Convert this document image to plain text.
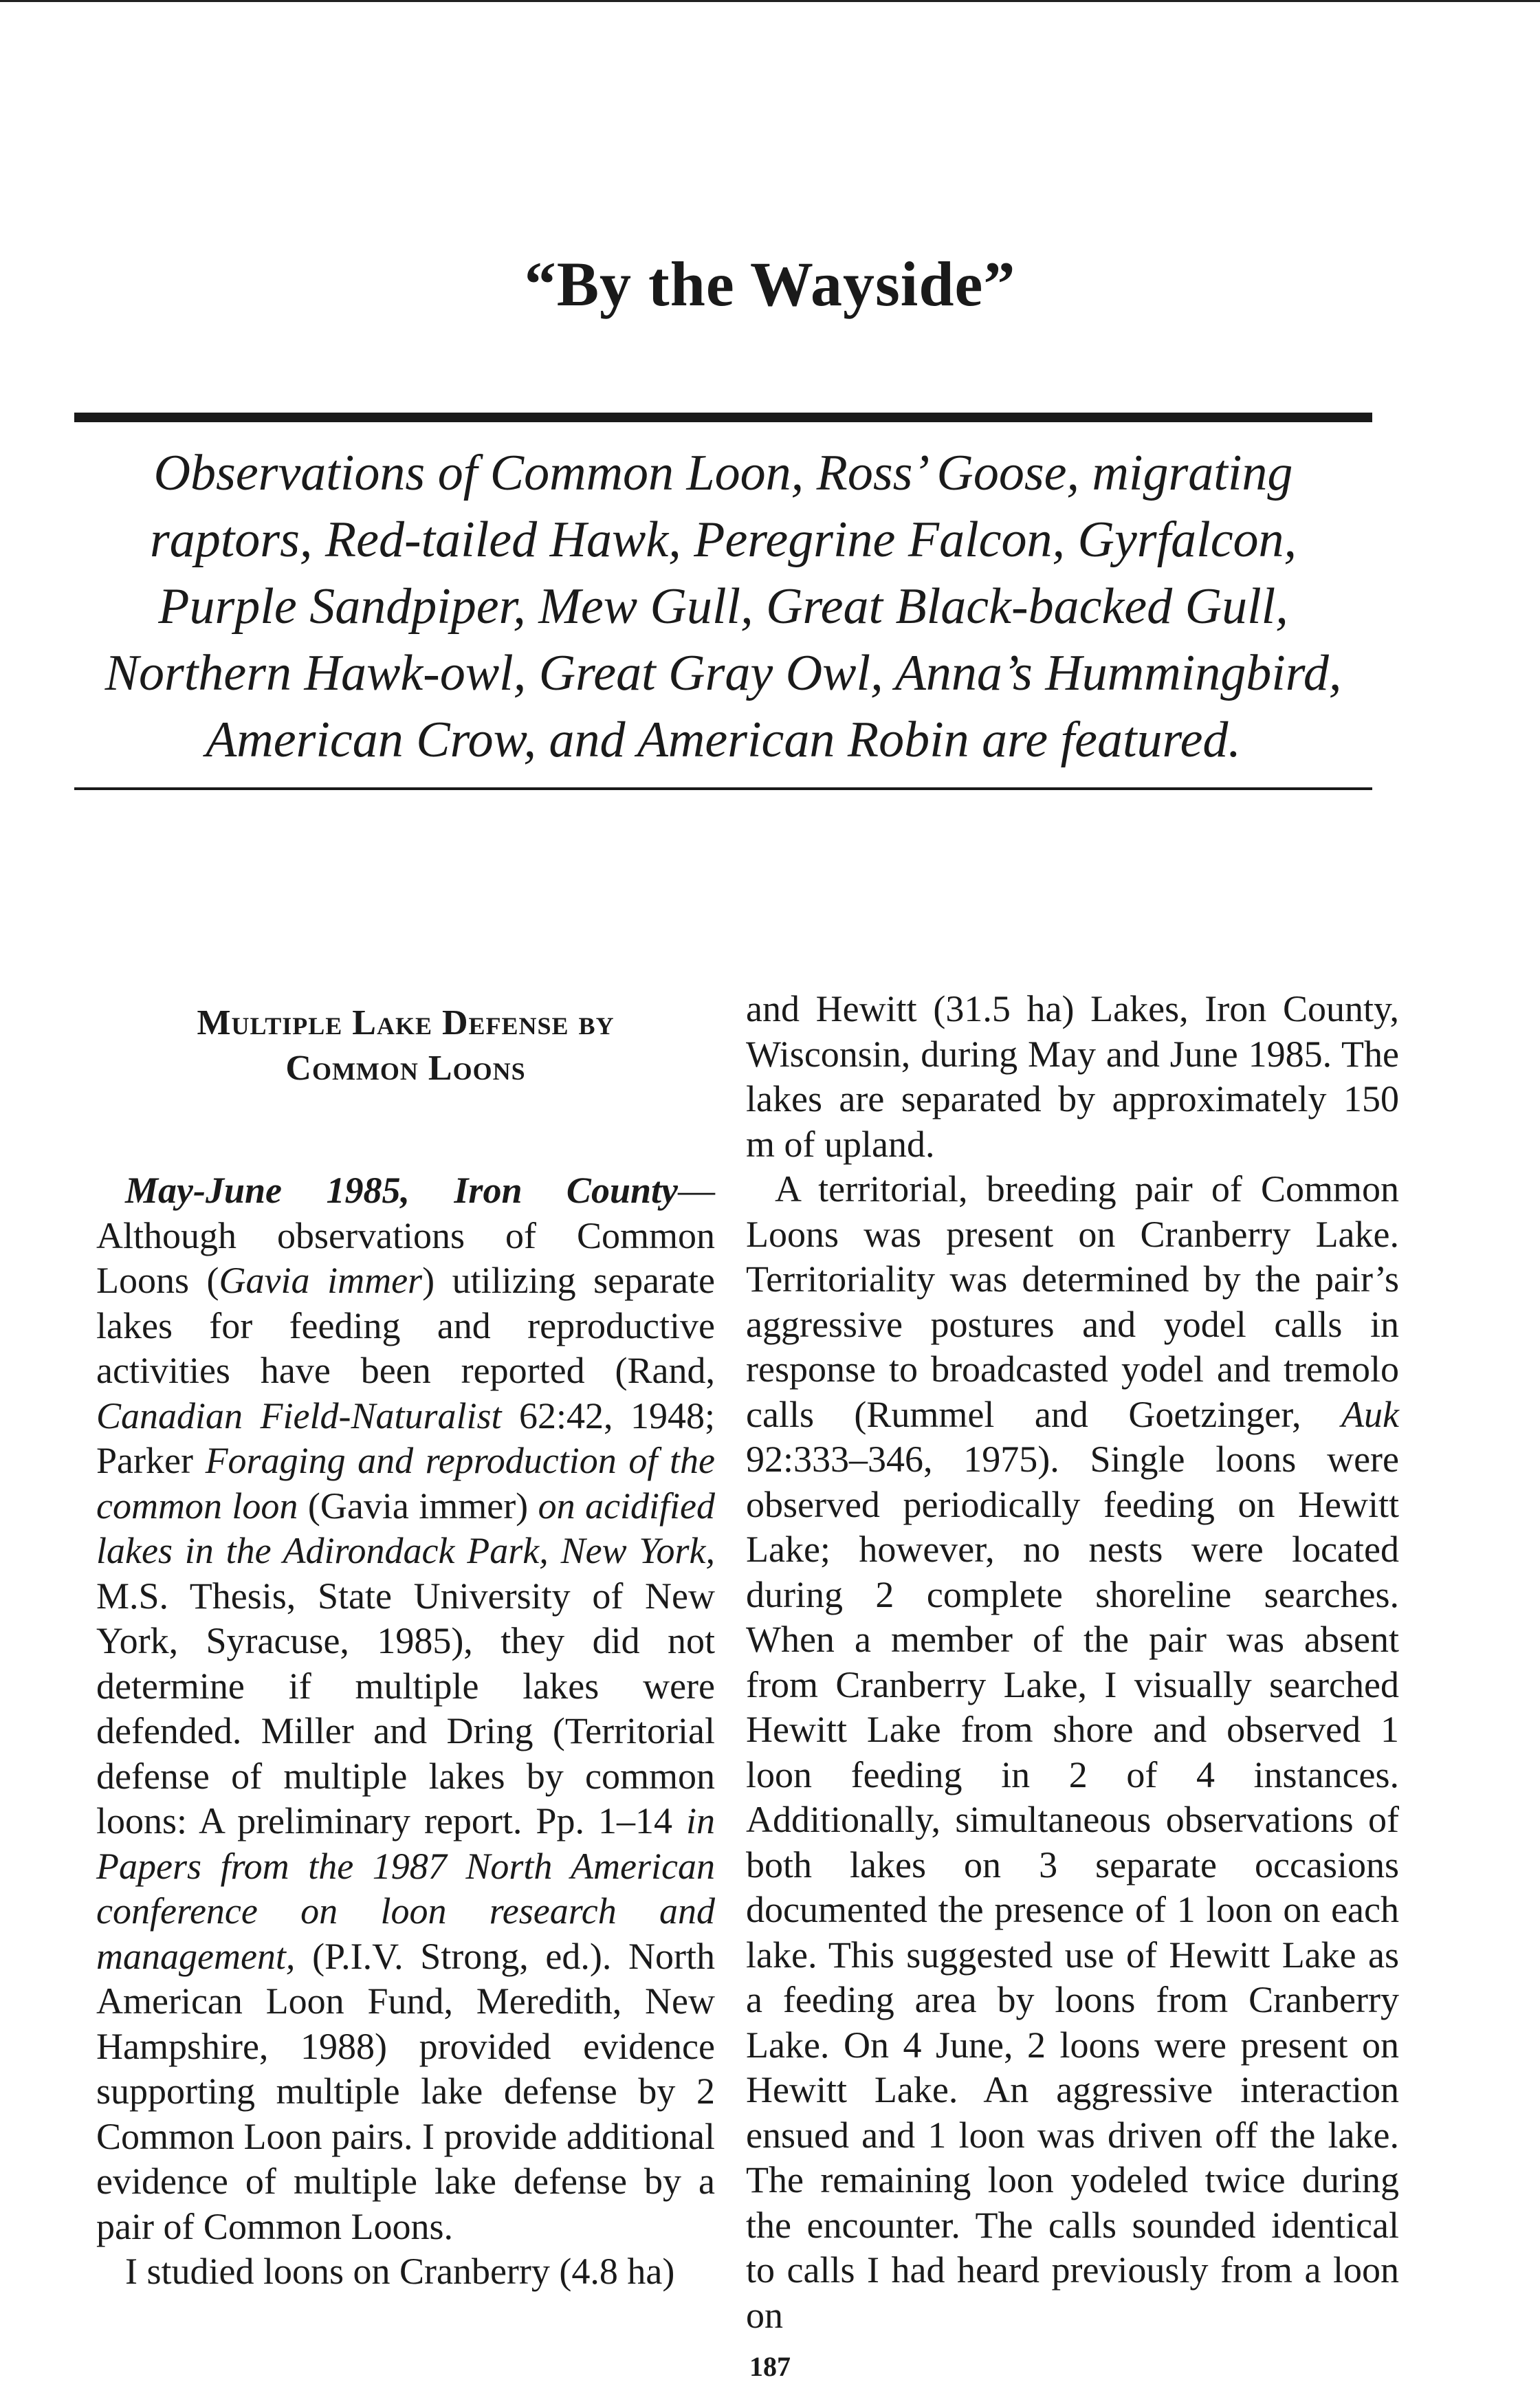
“By the Wayside”
Observations of Common Loon, Ross’ Goose, migrating
raptors, Red-tailed Hawk, Peregrine Falcon, Gyrfalcon,
Purple Sandpiper, Mew Gull, Great Black-backed Gull,
Northern Hawk-owl, Great Gray Owl, Anna’s Hummingbird,
American Crow, and American Robin are featured.
Multiple Lake Defense by
Common Loons

May-June 1985, Iron County—Although observations of Common Loons (Gavia immer) utilizing separate lakes for feeding and reproductive activities have been reported (Rand, Canadian Field-Naturalist 62:42, 1948; Parker Foraging and reproduction of the common loon (Gavia immer) on acidified lakes in the Adirondack Park, New York, M.S. Thesis, State University of New York, Syracuse, 1985), they did not determine if multiple lakes were defended. Miller and Dring (Territorial defense of multiple lakes by common loons: A preliminary report. Pp. 1–14 in Papers from the 1987 North American conference on loon research and management, (P.I.V. Strong, ed.). North American Loon Fund, Meredith, New Hampshire, 1988) provided evidence supporting multiple lake defense by 2 Common Loon pairs. I provide additional evidence of multiple lake defense by a pair of Common Loons.

I studied loons on Cranberry (4.8 ha)

and Hewitt (31.5 ha) Lakes, Iron County, Wisconsin, during May and June 1985. The lakes are separated by approximately 150 m of upland.

A territorial, breeding pair of Common Loons was present on Cranberry Lake. Territoriality was determined by the pair’s aggressive postures and yodel calls in response to broadcasted yodel and tremolo calls (Rummel and Goetzinger, Auk 92:333–346, 1975). Single loons were observed periodically feeding on Hewitt Lake; however, no nests were located during 2 complete shoreline searches. When a member of the pair was absent from Cranberry Lake, I visually searched Hewitt Lake from shore and observed 1 loon feeding in 2 of 4 instances. Additionally, simultaneous observations of both lakes on 3 separate occasions documented the presence of 1 loon on each lake. This suggested use of Hewitt Lake as a feeding area by loons from Cranberry Lake. On 4 June, 2 loons were present on Hewitt Lake. An aggressive interaction ensued and 1 loon was driven off the lake. The remaining loon yodeled twice during the encounter. The calls sounded identical to calls I had heard previously from a loon on

187
